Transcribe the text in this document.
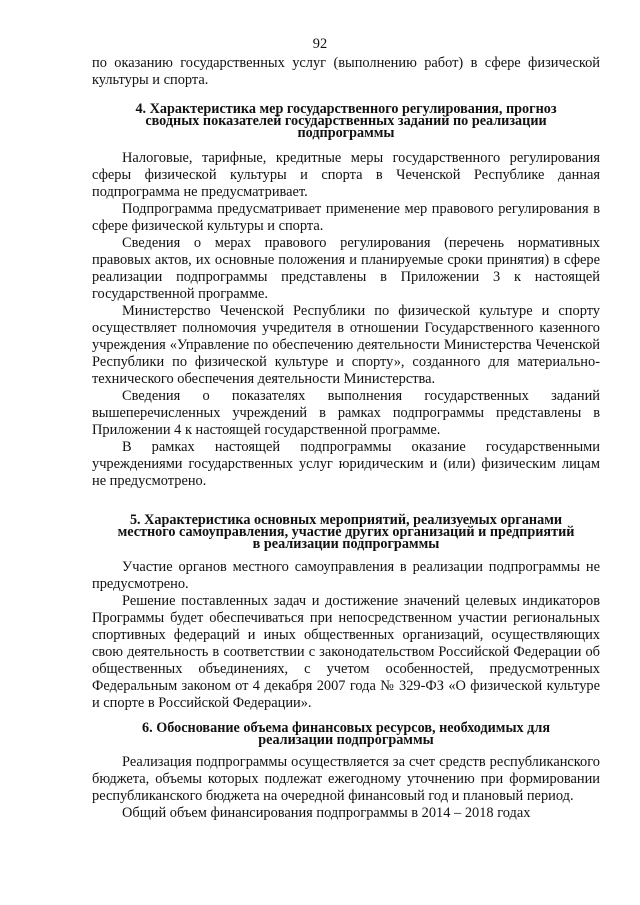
92

по оказанию государственных услуг (выполнению работ) в сфере физической культуры и спорта.

4. Характеристика мер государственного регулирования, прогноз
сводных показателей государственных заданий по реализации
подпрограммы

Налоговые, тарифные, кредитные меры государственного регулирования сферы физической культуры и спорта в Чеченской Республике данная подпрограмма не предусматривает.

Подпрограмма предусматривает применение мер правового регулирования в сфере физической культуры и спорта.

Сведения о мерах правового регулирования (перечень нормативных правовых актов, их основные положения и планируемые сроки принятия) в сфере реализации подпрограммы представлены в Приложении 3 к настоящей государственной программе.

Министерство Чеченской Республики по физической культуре и спорту осуществляет полномочия учредителя в отношении Государственного казенного учреждения «Управление по обеспечению деятельности Министерства Чеченской Республики по физической культуре и спорту», созданного для материально-технического обеспечения деятельности Министерства.

Сведения о показателях выполнения государственных заданий вышеперечисленных учреждений в рамках подпрограммы представлены в Приложении 4 к настоящей государственной программе.

В рамках настоящей подпрограммы оказание государственными учреждениями государственных услуг юридическим и (или) физическим лицам не предусмотрено.

5. Характеристика основных мероприятий, реализуемых органами
местного самоуправления, участие других организаций и предприятий
в реализации подпрограммы

Участие органов местного самоуправления в реализации подпрограммы не предусмотрено.

Решение поставленных задач и достижение значений целевых индикаторов Программы будет обеспечиваться при непосредственном участии региональных спортивных федераций и иных общественных организаций, осуществляющих свою деятельность в соответствии с законодательством Российской Федерации об общественных объединениях, с учетом особенностей, предусмотренных Федеральным законом от 4 декабря 2007 года № 329-ФЗ «О физической культуре и спорте в Российской Федерации».

6. Обоснование объема финансовых ресурсов, необходимых для
реализации подпрограммы

Реализация подпрограммы осуществляется за счет средств республиканского бюджета, объемы которых подлежат ежегодному уточнению при формировании республиканского бюджета на очередной финансовый год и плановый период.

Общий объем финансирования подпрограммы в 2014 – 2018 годах
